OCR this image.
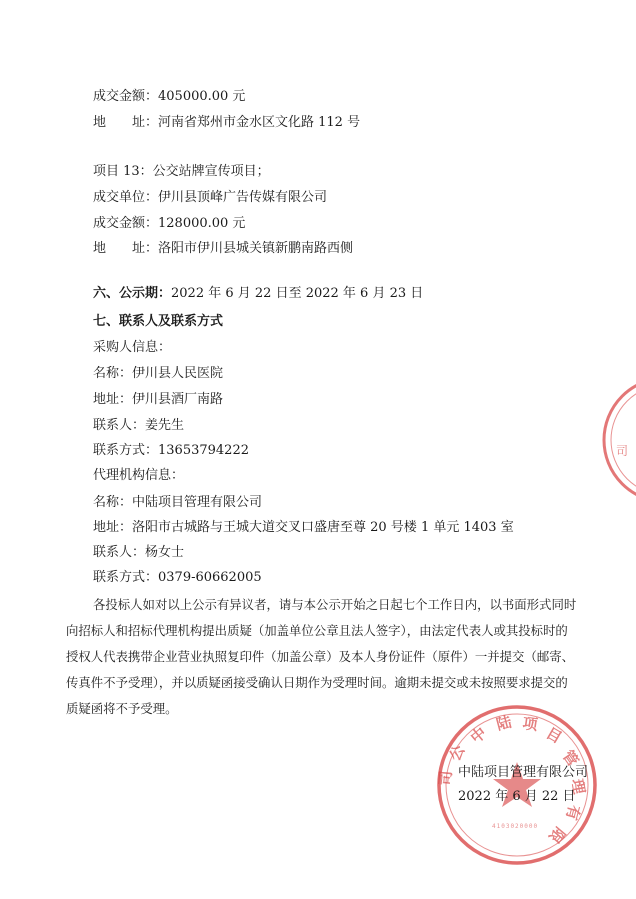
成交金额：405000.00 元
地　　址：河南省郑州市金水区文化路 112 号
项目 13：公交站牌宣传项目；
成交单位：伊川县顶峰广告传媒有限公司
成交金额：128000.00 元
地　　址：洛阳市伊川县城关镇新鹏南路西侧
六、公示期：2022 年 6 月 22 日至 2022 年 6 月 23 日
七、联系人及联系方式
采购人信息：
名称：伊川县人民医院
地址：伊川县酒厂南路
联系人：姜先生
联系方式：13653794222
代理机构信息：
名称：中陆项目管理有限公司
地址：洛阳市古城路与王城大道交叉口盛唐至尊 20 号楼 1 单元 1403 室
联系人：杨女士
联系方式：0379-60662005
各投标人如对以上公示有异议者，请与本公示开始之日起七个工作日内，以书面形式同时
向招标人和招标代理机构提出质疑（加盖单位公章且法人签字），由法定代表人或其投标时的
授权人代表携带企业营业执照复印件（加盖公章）及本人身份证件（原件）一并提交（邮寄、
传真件不予受理），并以质疑函接受确认日期作为受理时间。逾期未提交或未按照要求提交的
质疑函将不予受理。
司
中
陆 项 目
管
理
有
限
公
司
4103020000
中陆项目管理有限公司
2022 年 6 月 22 日
